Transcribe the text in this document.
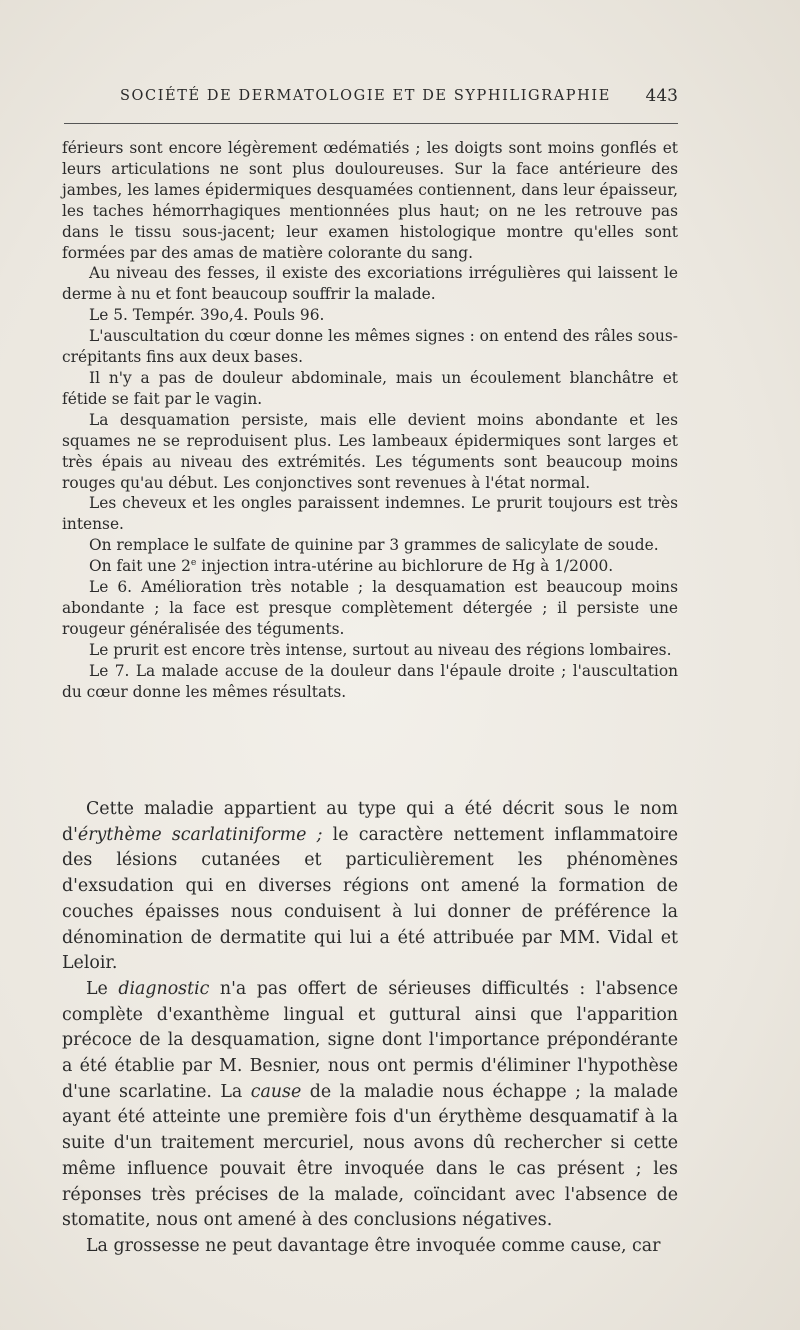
SOCIÉTÉ DE DERMATOLOGIE ET DE SYPHILIGRAPHIE 443

férieurs sont encore légèrement œdématiés ; les doigts sont moins gonflés et leurs articulations ne sont plus douloureuses. Sur la face antérieure des jambes, les lames épidermiques desquamées contiennent, dans leur épaisseur, les taches hémorrhagiques mentionnées plus haut; on ne les retrouve pas dans le tissu sous-jacent; leur examen histologique montre qu'elles sont formées par des amas de matière colorante du sang.

Au niveau des fesses, il existe des excoriations irrégulières qui laissent le derme à nu et font beaucoup souffrir la malade.

Le 5. Tempér. 39o,4. Pouls 96.

L'auscultation du cœur donne les mêmes signes : on entend des râles sous-crépitants fins aux deux bases.

Il n'y a pas de douleur abdominale, mais un écoulement blanchâtre et fétide se fait par le vagin.

La desquamation persiste, mais elle devient moins abondante et les squames ne se reproduisent plus. Les lambeaux épidermiques sont larges et très épais au niveau des extrémités. Les téguments sont beaucoup moins rouges qu'au début. Les conjonctives sont revenues à l'état normal.

Les cheveux et les ongles paraissent indemnes. Le prurit toujours est très intense.

On remplace le sulfate de quinine par 3 grammes de salicylate de soude.

On fait une 2e injection intra-utérine au bichlorure de Hg à 1/2000.

Le 6. Amélioration très notable ; la desquamation est beaucoup moins abondante ; la face est presque complètement détergée ; il persiste une rougeur généralisée des téguments.

Le prurit est encore très intense, surtout au niveau des régions lombaires.

Le 7. La malade accuse de la douleur dans l'épaule droite ; l'auscultation du cœur donne les mêmes résultats.

Cette maladie appartient au type qui a été décrit sous le nom d'érythème scarlatiniforme ; le caractère nettement inflammatoire des lésions cutanées et particulièrement les phénomènes d'exsudation qui en diverses régions ont amené la formation de couches épaisses nous conduisent à lui donner de préférence la dénomination de dermatite qui lui a été attribuée par MM. Vidal et Leloir.

Le diagnostic n'a pas offert de sérieuses difficultés : l'absence complète d'exanthème lingual et guttural ainsi que l'apparition précoce de la desquamation, signe dont l'importance prépondérante a été établie par M. Besnier, nous ont permis d'éliminer l'hypothèse d'une scarlatine. La cause de la maladie nous échappe ; la malade ayant été atteinte une première fois d'un érythème desquamatif à la suite d'un traitement mercuriel, nous avons dû rechercher si cette même influence pouvait être invoquée dans le cas présent ; les réponses très précises de la malade, coïncidant avec l'absence de stomatite, nous ont amené à des conclusions négatives.

La grossesse ne peut davantage être invoquée comme cause, car
